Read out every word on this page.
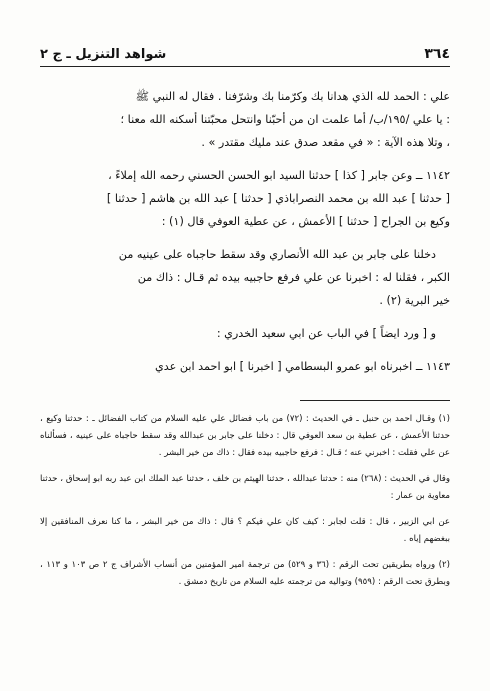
٣٦٤
شواهد التنزيل ـ ج ٢

علي : الحمد لله الذي هدانا بك وكرّمنا بك وشرّفنا . فقال له النبي ﷺ

: يا علي /١٩٥/ب/ أما علمت ان من أحبّنا وانتحل محبّتنا أسكنه الله معنا ؛

، وتلا هذه الآية : « في مقعد صدق عند مليك مقتدر » .

١١٤٢ ــ وعن جابر [ كذا ] حدثنا السيد ابو الحسن الحسني رحمه الله إملاءً ،

[ حدثنا ] عبد الله بن محمد النصراباذي [ حدثنا ] عبد الله بن هاشم [ حدثنا ]

وكيع بن الجراح [ حدثنا ] الأعمش ، عن عطية العوفي قال (١) :

دخلنا على جابر بن عبد الله الأنصاري وقد سقط حاجباه على عينيه من

الكبر ، فقلنا له : اخبرنا عن علي فرفع حاجبيه بيده ثم قـال : ذاك من

خير البرية (٢) .

و [ ورد ايضاً ] في الباب عن ابي سعيد الخدري :

١١٤٣ ــ اخبرناه ابو عمرو البسطامي [ اخبرنا ] ابو احمد ابن عدي

(١) وقـال احمد بن حنبل ـ في الحديث : (٧٢) من باب فضائل علي عليه السلام من كتاب الفضائل ـ : حدثنا وكيع ، حدثنا الأعمش ، عن عطية بن سعد العوفي قال : دخلنا على جابر بن عبدالله وقد سقط حاجباه على عينيه ، فسألناه عن علي فقلت : اخبرني عنه ؛ قـال : فرفع حاجبيه بيده فقال : ذاك من خير البشر .

وقال في الحديث : (٢٦٨) منه : حدثنا عبدالله ، حدثنا الهيثم بن خلف ، حدثنا عبد الملك ابن عبد ربه ابو إسحاق ، حدثنا معاوية بن عمار :

عن ابي الزبير ، قال : قلت لجابر : كيف كان علي فيكم ؟ قال : ذاك من خير البشر ، ما كنا نعرف المنافقين إلا ببغضهم إياه .

(٢) ورواه بطريقين تحت الرقم : (٣٦ و ٥٢٩) من ترجمة امير المؤمنين من أنساب الأشراف ج ٢ ص ١٠٣ و ١١٣ ، وبطرق تحت الرقم : (٩٥٩) وتواليه من ترجمته عليه السلام من تاريخ دمشق .
